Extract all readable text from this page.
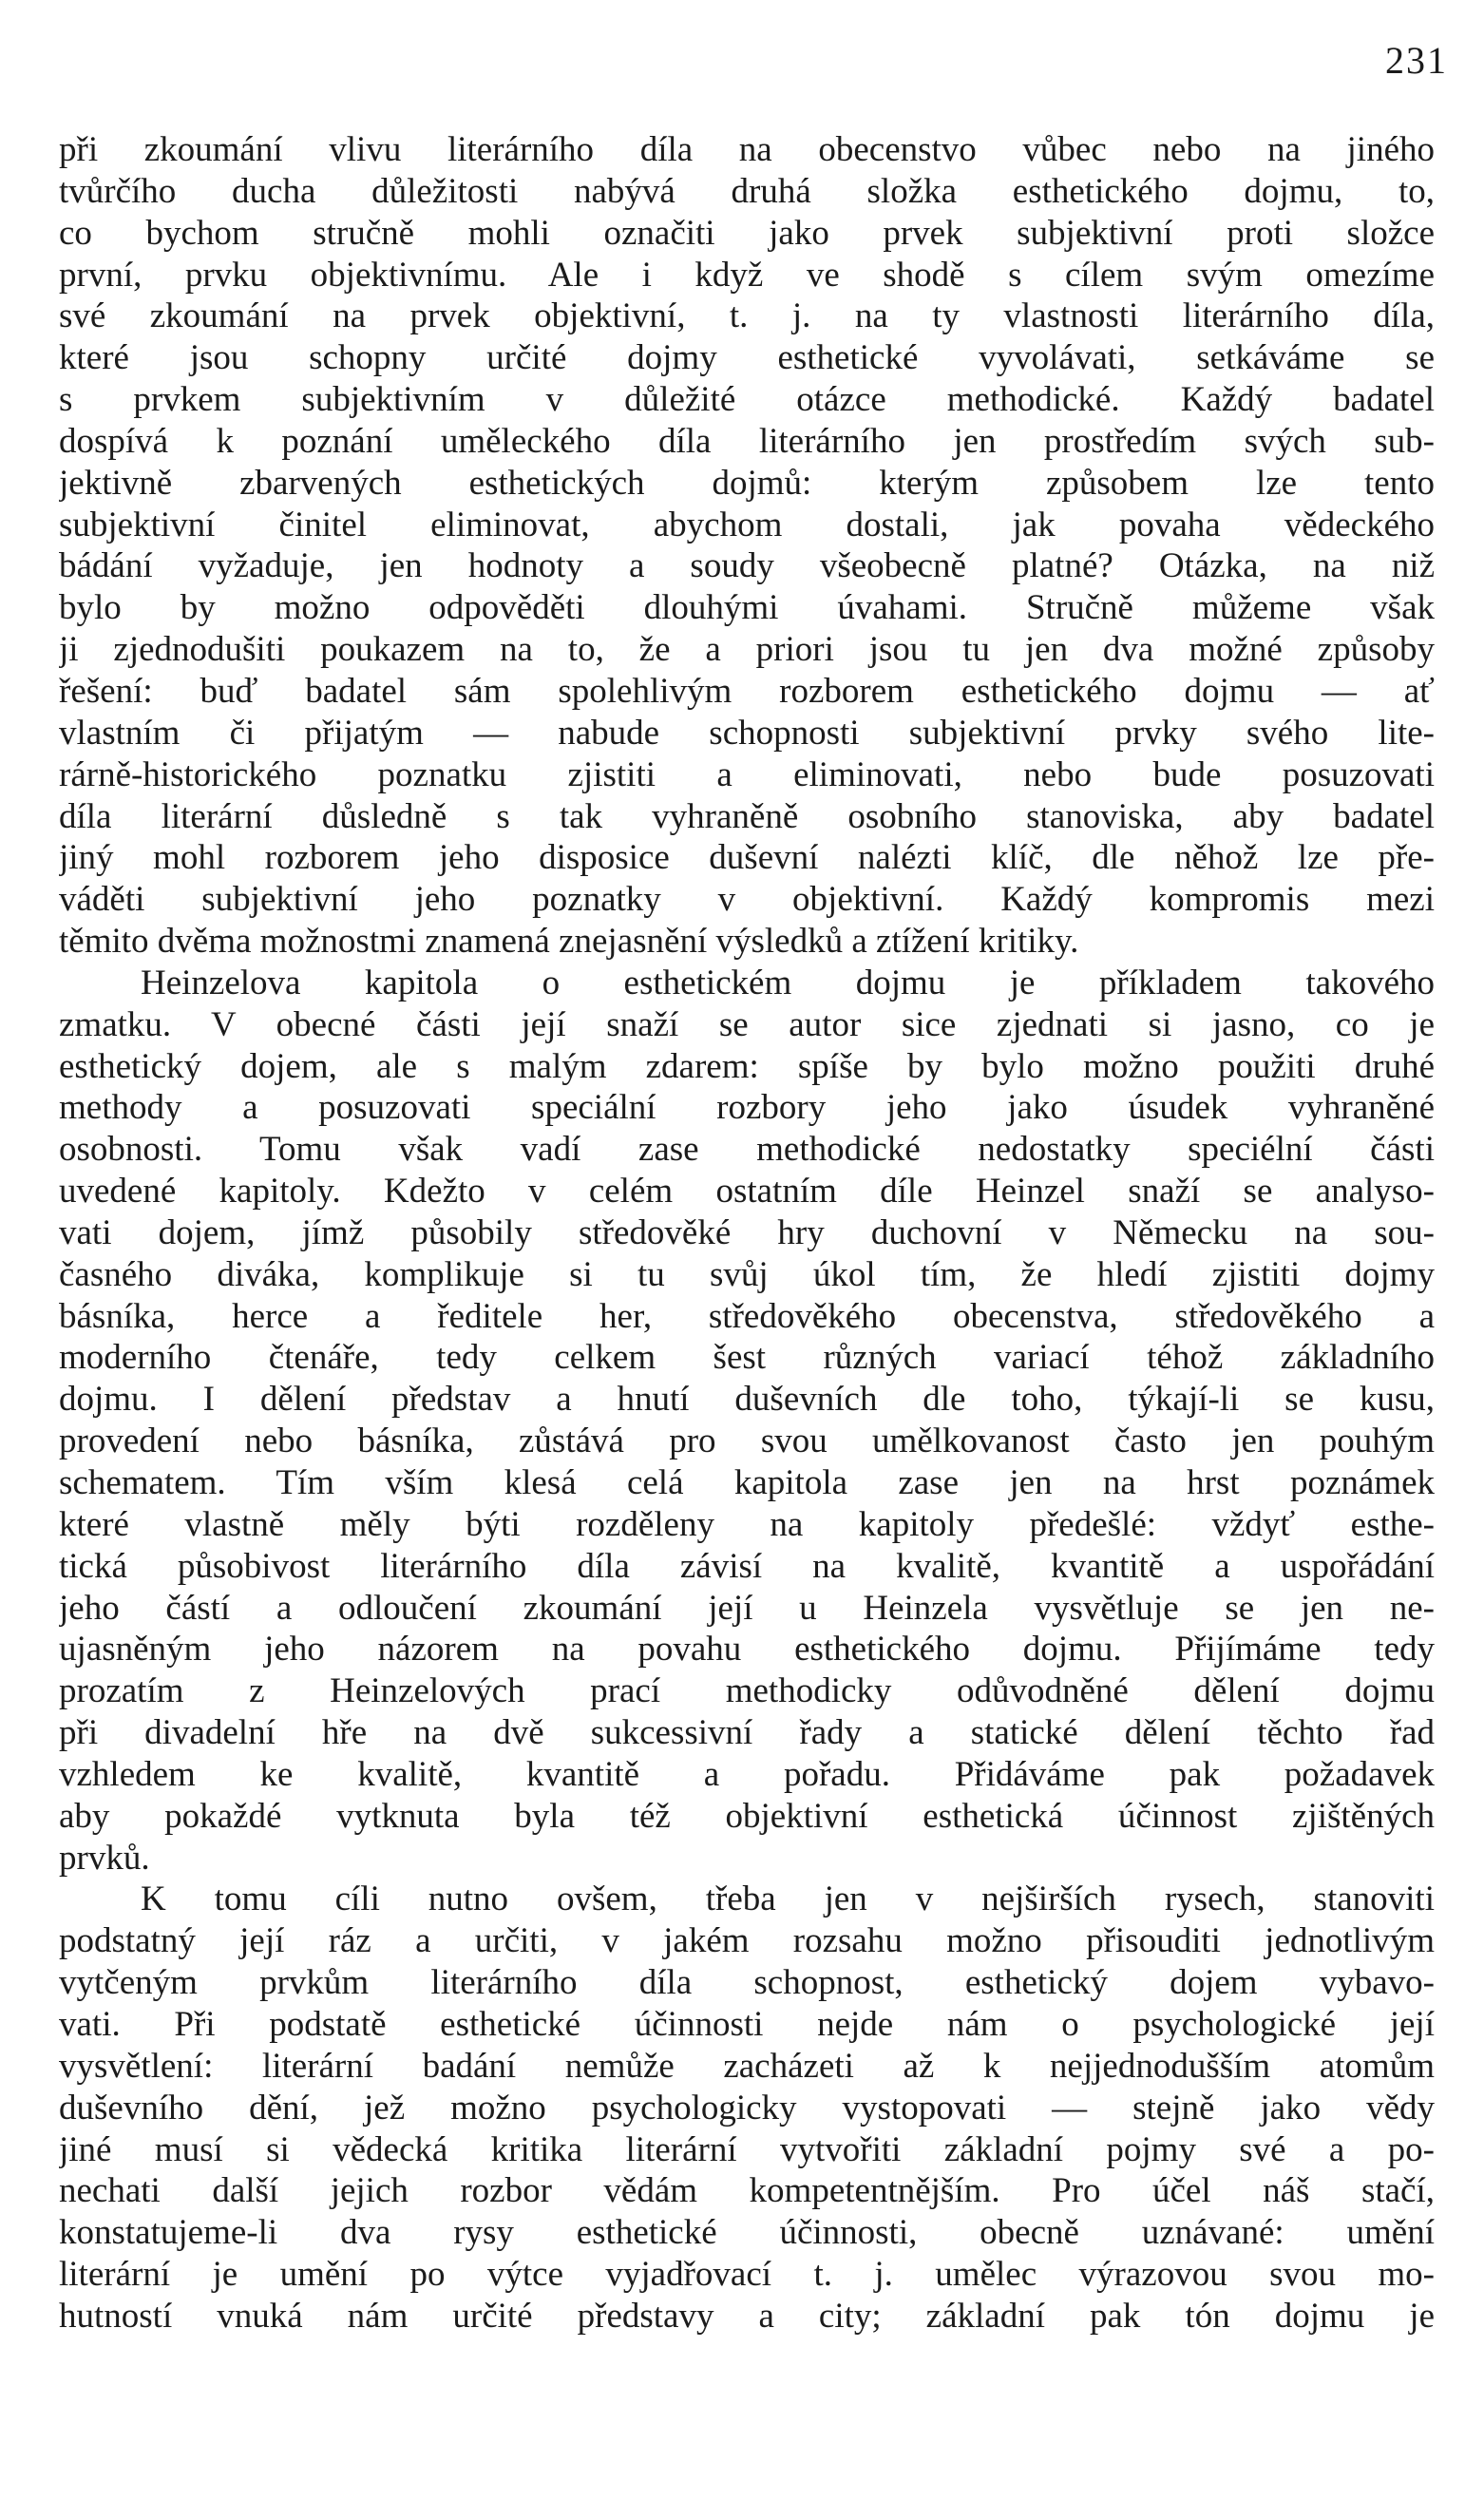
231
při zkoumání vlivu literárního díla na obecenstvo vůbec nebo na jiného
tvůrčího ducha důležitosti nabývá druhá složka esthetického dojmu, to,
co bychom stručně mohli označiti jako prvek subjektivní proti složce
první, prvku objektivnímu. Ale i když ve shodě s cílem svým omezíme
své zkoumání na prvek objektivní, t. j. na ty vlastnosti literárního díla,
které jsou schopny určité dojmy esthetické vyvolávati, setkáváme se
s prvkem subjektivním v důležité otázce methodické. Každý badatel
dospívá k poznání uměleckého díla literárního jen prostředím svých sub-
jektivně zbarvených esthetických dojmů: kterým způsobem lze tento
subjektivní činitel eliminovat, abychom dostali, jak povaha vědeckého
bádání vyžaduje, jen hodnoty a soudy všeobecně platné? Otázka, na niž
bylo by možno odpověděti dlouhými úvahami. Stručně můžeme však
ji zjednodušiti poukazem na to, že a priori jsou tu jen dva možné způsoby
řešení: buď badatel sám spolehlivým rozborem esthetického dojmu — ať
vlastním či přijatým — nabude schopnosti subjektivní prvky svého lite-
rárně-historického poznatku zjistiti a eliminovati, nebo bude posuzovati
díla literární důsledně s tak vyhraněně osobního stanoviska, aby badatel
jiný mohl rozborem jeho disposice duševní nalézti klíč, dle něhož lze pře-
váděti subjektivní jeho poznatky v objektivní. Každý kompromis mezi
těmito dvěma možnostmi znamená znejasnění výsledků a ztížení kritiky.
Heinzelova kapitola o esthetickém dojmu je příkladem takového
zmatku. V obecné části její snaží se autor sice zjednati si jasno, co je
esthetický dojem, ale s malým zdarem: spíše by bylo možno použiti druhé
methody a posuzovati speciální rozbory jeho jako úsudek vyhraněné
osobnosti. Tomu však vadí zase methodické nedostatky speciélní části
uvedené kapitoly. Kdežto v celém ostatním díle Heinzel snaží se analyso-
vati dojem, jímž působily středověké hry duchovní v Německu na sou-
časného diváka, komplikuje si tu svůj úkol tím, že hledí zjistiti dojmy
básníka, herce a ředitele her, středověkého obecenstva, středověkého a
moderního čtenáře, tedy celkem šest různých variací téhož základního
dojmu. I dělení představ a hnutí duševních dle toho, týkají-li se kusu,
provedení nebo básníka, zůstává pro svou umělkovanost často jen pouhým
schematem. Tím vším klesá celá kapitola zase jen na hrst poznámek
které vlastně měly býti rozděleny na kapitoly předešlé: vždyť esthe-
tická působivost literárního díla závisí na kvalitě, kvantitě a uspořádání
jeho částí a odloučení zkoumání její u Heinzela vysvětluje se jen ne-
ujasněným jeho názorem na povahu esthetického dojmu. Přijímáme tedy
prozatím z Heinzelových prací methodicky odůvodněné dělení dojmu
při divadelní hře na dvě sukcessivní řady a statické dělení těchto řad
vzhledem ke kvalitě, kvantitě a pořadu. Přidáváme pak požadavek
aby pokaždé vytknuta byla též objektivní esthetická účinnost zjištěných
prvků.
K tomu cíli nutno ovšem, třeba jen v nejširších rysech, stanoviti
podstatný její ráz a určiti, v jakém rozsahu možno přisouditi jednotlivým
vytčeným prvkům literárního díla schopnost, esthetický dojem vybavo-
vati. Při podstatě esthetické účinnosti nejde nám o psychologické její
vysvětlení: literární badání nemůže zacházeti až k nejjednodušším atomům
duševního dění, jež možno psychologicky vystopovati — stejně jako vědy
jiné musí si vědecká kritika literární vytvořiti základní pojmy své a po-
nechati další jejich rozbor vědám kompetentnějším. Pro účel náš stačí,
konstatujeme-li dva rysy esthetické účinnosti, obecně uznávané: umění
literární je umění po výtce vyjadřovací t. j. umělec výrazovou svou mo-
hutností vnuká nám určité představy a city; základní pak tón dojmu je
